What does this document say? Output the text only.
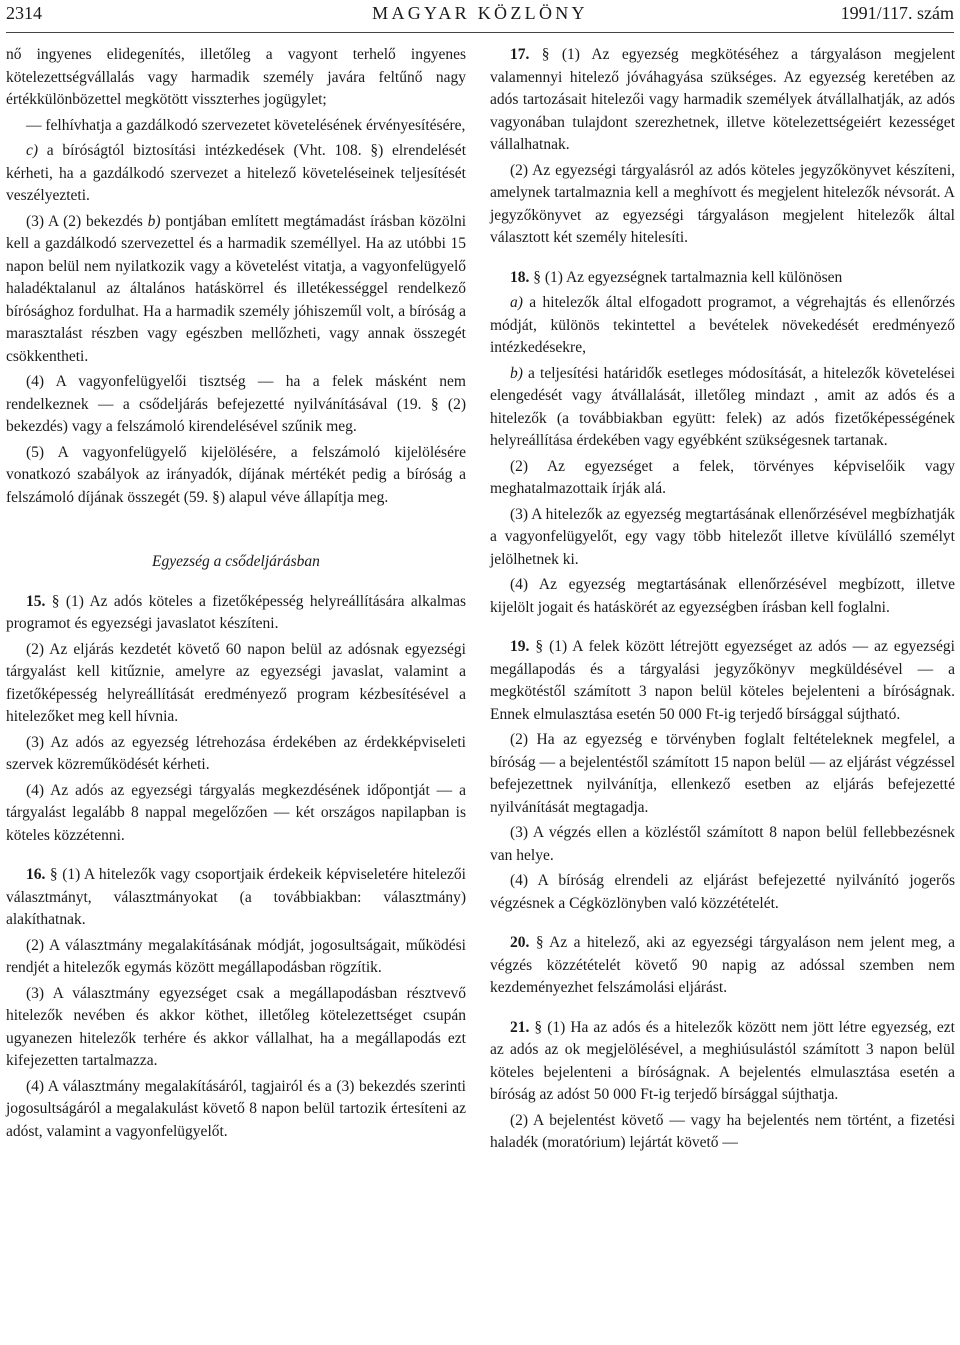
2314	MAGYAR KÖZLÖNY	1991/117. szám

nő ingyenes elidegenítés, illetőleg a vagyont terhelő ingyenes kötelezettségvállalás vagy harmadik személy javára feltűnő nagy értékkülönbözettel megkötött visszterhes jogügylet;

— felhívhatja a gazdálkodó szervezetet követelésének érvényesítésére,

c) a bíróságtól biztosítási intézkedések (Vht. 108. §) elrendelését kérheti, ha a gazdálkodó szervezet a hitelező követeléseinek teljesítését veszélyezteti.

(3) A (2) bekezdés b) pontjában említett megtámadást írásban közölni kell a gazdálkodó szervezettel és a harmadik személlyel. Ha az utóbbi 15 napon belül nem nyilatkozik vagy a követelést vitatja, a vagyonfelügyelő haladéktalanul az általános hatáskörrel és illetékességgel rendelkező bírósághoz fordulhat. Ha a harmadik személy jóhiszeműl volt, a bíróság a marasztalást részben vagy egészben mellőzheti, vagy annak összegét csökkentheti.

(4) A vagyonfelügyelői tisztség — ha a felek másként nem rendelkeznek — a csődeljárás befejezetté nyilvánításával (19. § (2) bekezdés) vagy a felszámoló kirendelésével szűnik meg.

(5) A vagyonfelügyelő kijelölésére, a felszámoló kijelölésére vonatkozó szabályok az irányadók, díjának mértékét pedig a bíróság a felszámoló díjának összegét (59. §) alapul véve állapítja meg.

Egyezség a csődeljárásban

15. § (1) Az adós köteles a fizetőképesség helyreállítására alkalmas programot és egyezségi javaslatot készíteni.

(2) Az eljárás kezdetét követő 60 napon belül az adósnak egyezségi tárgyalást kell kitűznie, amelyre az egyezségi javaslat, valamint a fizetőképesség helyreállítását eredményező program kézbesítésével a hitelezőket meg kell hívnia.

(3) Az adós az egyezség létrehozása érdekében az érdekképviseleti szervek közreműködését kérheti.

(4) Az adós az egyezségi tárgyalás megkezdésének időpontját — a tárgyalást legalább 8 nappal megelőzően — két országos napilapban is köteles közzétenni.

16. § (1) A hitelezők vagy csoportjaik érdekeik képviseletére hitelezői választmányt, választmányokat (a továbbiakban: választmány) alakíthatnak.

(2) A választmány megalakításának módját, jogosultságait, működési rendjét a hitelezők egymás között megállapodásban rögzítik.

(3) A választmány egyezséget csak a megállapodásban résztvevő hitelezők nevében és akkor köthet, illetőleg kötelezettséget csupán ugyanezen hitelezők terhére és akkor vállalhat, ha a megállapodás ezt kifejezetten tartalmazza.

(4) A választmány megalakításáról, tagjairól és a (3) bekezdés szerinti jogosultságáról a megalakulást követő 8 napon belül tartozik értesíteni az adóst, valamint a vagyonfelügyelőt.

17. § (1) Az egyezség megkötéséhez a tárgyaláson megjelent valamennyi hitelező jóváhagyása szükséges. Az egyezség keretében az adós tartozásait hitelezői vagy harmadik személyek átvállalhatják, az adós vagyonában tulajdont szerezhetnek, illetve kötelezettségeiért kezességet vállalhatnak.

(2) Az egyezségi tárgyalásról az adós köteles jegyzőkönyvet készíteni, amelynek tartalmaznia kell a meghívott és megjelent hitelezők névsorát. A jegyzőkönyvet az egyezségi tárgyaláson megjelent hitelezők által választott két személy hitelesíti.

18. § (1) Az egyezségnek tartalmaznia kell különösen

a) a hitelezők által elfogadott programot, a végrehajtás és ellenőrzés módját, különös tekintettel a bevételek növekedését eredményező intézkedésekre,

b) a teljesítési határidők esetleges módosítását, a hitelezők követelései elengedését vagy átvállalását, illetőleg mindazt , amit az adós és a hitelezők (a továbbiakban együtt: felek) az adós fizetőképességének helyreállítása érdekében vagy egyébként szükségesnek tartanak.

(2) Az egyezséget a felek, törvényes képviselőik vagy meghatalmazottaik írják alá.

(3) A hitelezők az egyezség megtartásának ellenőrzésével megbízhatják a vagyonfelügyelőt, egy vagy több hitelezőt illetve kívülálló személyt jelölhetnek ki.

(4) Az egyezség megtartásának ellenőrzésével megbízott, illetve kijelölt jogait és hatáskörét az egyezségben írásban kell foglalni.

19. § (1) A felek között létrejött egyezséget az adós — az egyezségi megállapodás és a tárgyalási jegyzőkönyv megküldésével — a megkötéstől számított 3 napon belül köteles bejelenteni a bíróságnak. Ennek elmulasztása esetén 50 000 Ft-ig terjedő bírsággal sújtható.

(2) Ha az egyezség e törvényben foglalt feltételeknek megfelel, a bíróság — a bejelentéstől számított 15 napon belül — az eljárást végzéssel befejezettnek nyilvánítja, ellenkező esetben az eljárás befejezetté nyilvánítását megtagadja.

(3) A végzés ellen a közléstől számított 8 napon belül fellebbezésnek van helye.

(4) A bíróság elrendeli az eljárást befejezetté nyilvánító jogerős végzésnek a Cégközlönyben való közzétételét.

20. § Az a hitelező, aki az egyezségi tárgyaláson nem jelent meg, a végzés közzétételét követő 90 napig az adóssal szemben nem kezdeményezhet felszámolási eljárást.

21. § (1) Ha az adós és a hitelezők között nem jött létre egyezség, ezt az adós az ok megjelölésével, a meghiúsulástól számított 3 napon belül köteles bejelenteni a bíróságnak. A bejelentés elmulasztása esetén a bíróság az adóst 50 000 Ft-ig terjedő bírsággal sújthatja.

(2) A bejelentést követő — vagy ha bejelentés nem történt, a fizetési haladék (moratórium) lejártát követő —
